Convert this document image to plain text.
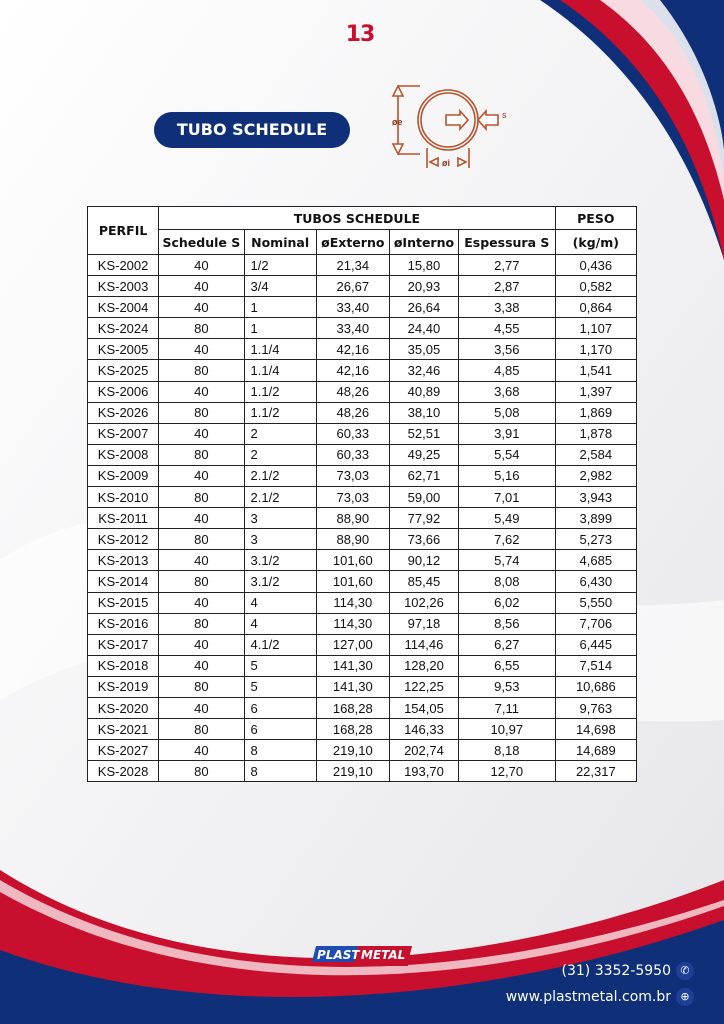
13
TUBO SCHEDULE	øe
s
øi
PERFIL	TUBOS SCHEDULE					PESO
	Schedule S	Nominal	øExterno	øInterno	Espessura S	(kg/m)
KS-2002	40	1/2	21,34	15,80	2,77	0,436
KS-2003	40	3/4	26,67	20,93	2,87	0,582
KS-2004	40	1	33,40	26,64	3,38	0,864
KS-2024	80	1	33,40	24,40	4,55	1,107
KS-2005	40	1.1/4	42,16	35,05	3,56	1,170
KS-2025	80	1.1/4	42,16	32,46	4,85	1,541
KS-2006	40	1.1/2	48,26	40,89	3,68	1,397
KS-2026	80	1.1/2	48,26	38,10	5,08	1,869
KS-2007	40	2	60,33	52,51	3,91	1,878
KS-2008	80	2	60,33	49,25	5,54	2,584
KS-2009	40	2.1/2	73,03	62,71	5,16	2,982
KS-2010	80	2.1/2	73,03	59,00	7,01	3,943
KS-2011	40	3	88,90	77,92	5,49	3,899
KS-2012	80	3	88,90	73,66	7,62	5,273
KS-2013	40	3.1/2	101,60	90,12	5,74	4,685
KS-2014	80	3.1/2	101,60	85,45	8,08	6,430
KS-2015	40	4	114,30	102,26	6,02	5,550
KS-2016	80	4	114,30	97,18	8,56	7,706
KS-2017	40	4.1/2	127,00	114,46	6,27	6,445
KS-2018	40	5	141,30	128,20	6,55	7,514
KS-2019	80	5	141,30	122,25	9,53	10,686
KS-2020	40	6	168,28	154,05	7,11	9,763
KS-2021	80	6	168,28	146,33	10,97	14,698
KS-2027	40	8	219,10	202,74	8,18	14,689
KS-2028	80	8	219,10	193,70	12,70	22,317
PLAST METAL
(31) 3352-5950 ✆
www.plastmetal.com.br ⊕
